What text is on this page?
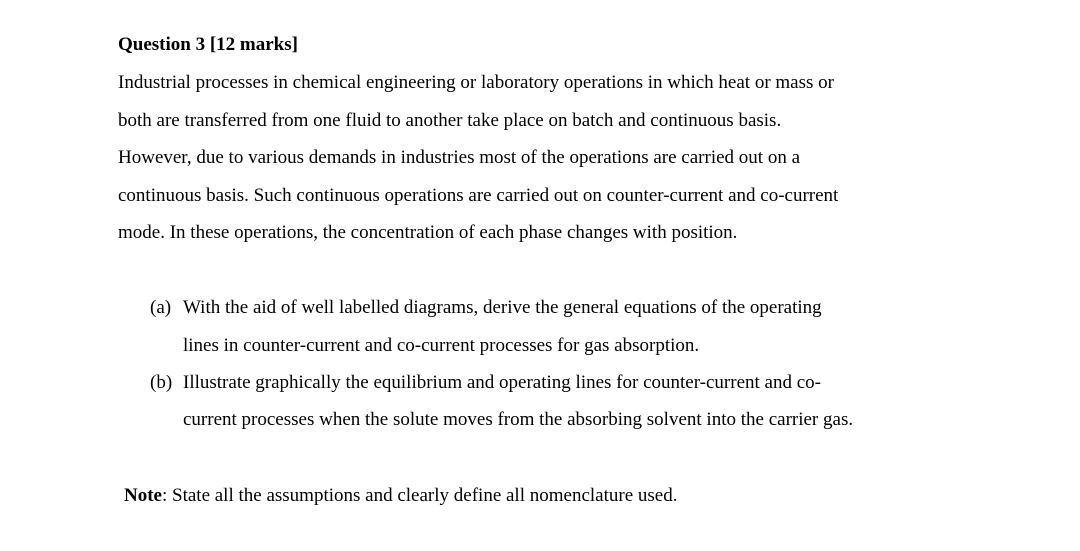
Question 3 [12 marks]
Industrial processes in chemical engineering or laboratory operations in which heat or mass or
both are transferred from one fluid to another take place on batch and continuous basis.
However, due to various demands in industries most of the operations are carried out on a
continuous basis. Such continuous operations are carried out on counter-current and co-current
mode. In these operations, the concentration of each phase changes with position.
(a) With the aid of well labelled diagrams, derive the general equations of the operating
lines in counter-current and co-current processes for gas absorption.
(b) Illustrate graphically the equilibrium and operating lines for counter-current and co-
current processes when the solute moves from the absorbing solvent into the carrier gas.
Note: State all the assumptions and clearly define all nomenclature used.
